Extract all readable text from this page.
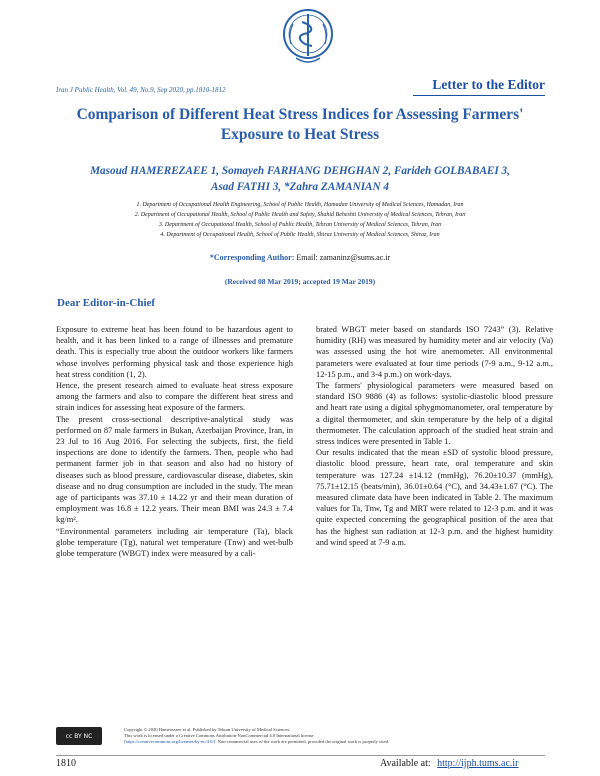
Iran J Public Health, Vol. 49, No.9, Sep 2020, pp.1810-1812	Letter to the Editor
Comparison of Different Heat Stress Indices for Assessing Farmers' Exposure to Heat Stress
Masoud HAMEREZAEE 1, Somayeh FARHANG DEHGHAN 2, Farideh GOLBABAEI 3,
Asad FATHI 3, *Zahra ZAMANIAN 4
1. Department of Occupational Health Engineering, School of Public Health, Hamadan University of Medical Sciences, Hamadan, Iran
2. Department of Occupational Health, School of Public Health and Safety, Shahid Beheshti University of Medical Sciences, Tehran, Iran
3. Department of Occupational Health, School of Public Health, Tehran University of Medical Sciences, Tehran, Iran
4. Department of Occupational Health, School of Public Health, Shiraz University of Medical Sciences, Shiraz, Iran
*Corresponding Author: Email: zamaninz@sums.ac.ir
(Received 08 Mar 2019; accepted 19 Mar 2019)
Dear Editor-in-Chief

Exposure to extreme heat has been found to be hazardous agent to health, and it has been linked to a range of illnesses and premature death. This is especially true about the outdoor workers like farmers whose involves performing physical task and those experience high heat stress condition (1, 2).

Hence, the present research aimed to evaluate heat stress exposure among the farmers and also to compare the different heat stress and strain indices for assessing heat exposure of the farmers.

The present cross-sectional descriptive-analytical study was performed on 87 male farmers in Bukan, Azerbaijan Province, Iran, in 23 Jul to 16 Aug 2016. For selecting the subjects, first, the field inspections are done to identify the farmers. Then, people who had permanent farmer job in that season and also had no history of diseases such as blood pressure, cardiovascular disease, diabetes, skin disease and no drug consumption are included in the study. The mean age of participants was 37.10 ± 14.22 yr and their mean duration of employment was 16.8 ± 12.2 years. Their mean BMI was 24.3 ± 7.4 kg/m².

“Environmental parameters including air temperature (Ta), black globe temperature (Tg), natural wet temperature (Tnw) and wet-bulb globe temperature (WBGT) index were measured by a cali-

brated WBGT meter based on standards ISO 7243” (3). Relative humidity (RH) was measured by humidity meter and air velocity (Va) was assessed using the hot wire anemometer. All environmental parameters were evaluated at four time periods (7-9 a.m., 9-12 a.m., 12-15 p.m., and 3-4 p.m.) on work-days.

The farmers' physiological parameters were measured based on standard ISO 9886 (4) as follows: systolic-diastolic blood pressure and heart rate using a digital sphygmomanometer, oral temperature by a digital thermometer, and skin temperature by the help of a digital thermometer. The calculation approach of the studied heat strain and stress indices were presented in Table 1.

Our results indicated that the mean ±SD of systolic blood pressure, diastolic blood pressure, heart rate, oral temperature and skin temperature was 127.24 ±14.12 (mmHg), 76.20±10.37 (mmHg), 75.71±12.15 (beats/min), 36.01±0.64 (°C), and 34.43±1.67 (°C). The measured climate data have been indicated in Table 2. The maximum values for Ta, Tnw, Tg and MRT were related to 12-3 p.m. and it was quite expected concerning the geographical position of the area that has the highest sun radiation at 12-3 p.m. and the highest humidity and wind speed at 7-9 a.m.

cc BY NC
Copyright © 2020 Hamerezaee et al. Published by Tehran University of Medical Sciences.
This work is licensed under a Creative Commons Attribution-NonCommercial 4.0 International license
(https://creativecommons.org/licenses/by-nc/4.0/). Non-commercial uses of the work are permitted, provided the original work is properly cited.
1810	Available at: http://ijph.tums.ac.ir
